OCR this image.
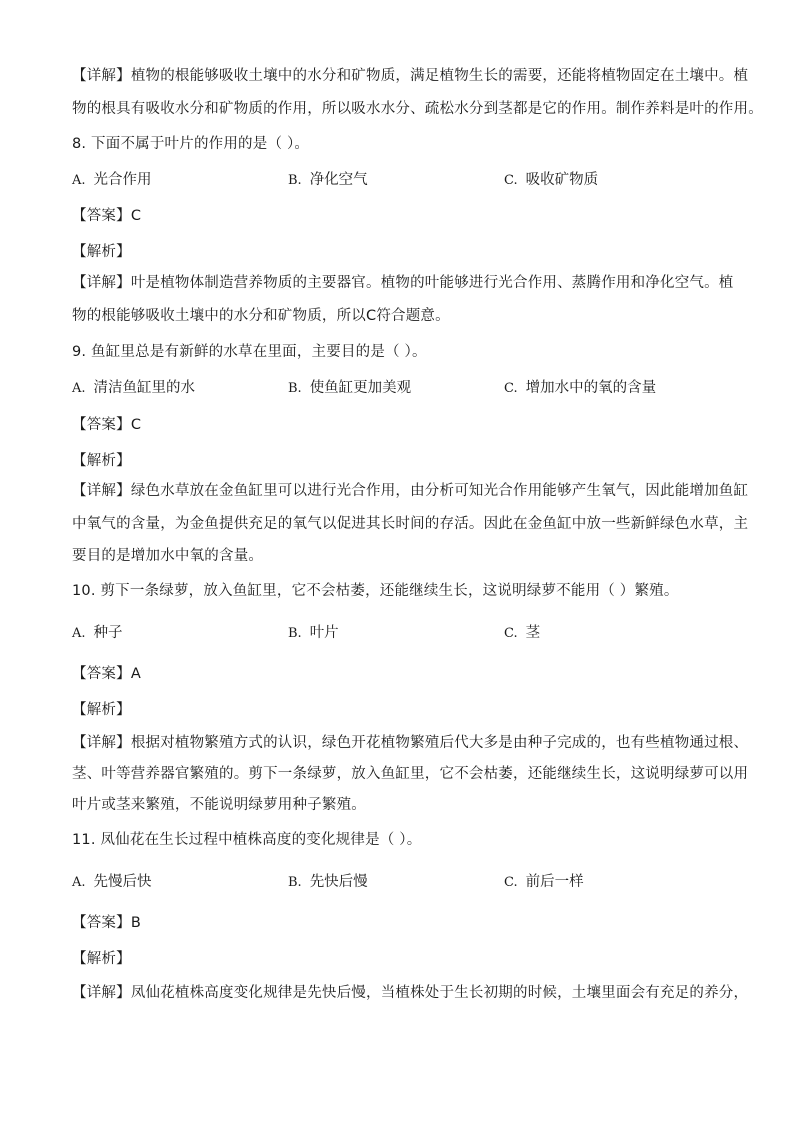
【详解】植物的根能够吸收土壤中的水分和矿物质，满足植物生长的需要，还能将植物固定在土壤中。植
物的根具有吸收水分和矿物质的作用，所以吸水水分、疏松水分到茎都是它的作用。制作养料是叶的作用。
8. 下面不属于叶片的作用的是（ ）。
A. 光合作用	B. 净化空气	C. 吸收矿物质
【答案】C
【解析】
【详解】叶是植物体制造营养物质的主要器官。植物的叶能够进行光合作用、蒸腾作用和净化空气。植
物的根能够吸收土壤中的水分和矿物质，所以C符合题意。
9. 鱼缸里总是有新鲜的水草在里面，主要目的是（ ）。
A. 清洁鱼缸里的水	B. 使鱼缸更加美观	C. 增加水中的氧的含量
【答案】C
【解析】
【详解】绿色水草放在金鱼缸里可以进行光合作用，由分析可知光合作用能够产生氧气，因此能增加鱼缸
中氧气的含量，为金鱼提供充足的氧气以促进其长时间的存活。因此在金鱼缸中放一些新鲜绿色水草，主
要目的是增加水中氧的含量。
10. 剪下一条绿萝，放入鱼缸里，它不会枯萎，还能继续生长，这说明绿萝不能用（ ）繁殖。
A. 种子	B. 叶片	C. 茎
【答案】A
【解析】
【详解】根据对植物繁殖方式的认识，绿色开花植物繁殖后代大多是由种子完成的，也有些植物通过根、
茎、叶等营养器官繁殖的。剪下一条绿萝，放入鱼缸里，它不会枯萎，还能继续生长，这说明绿萝可以用
叶片或茎来繁殖，不能说明绿萝用种子繁殖。
11. 凤仙花在生长过程中植株高度的变化规律是（ ）。
A. 先慢后快	B. 先快后慢	C. 前后一样
【答案】B
【解析】
【详解】凤仙花植株高度变化规律是先快后慢，当植株处于生长初期的时候，土壤里面会有充足的养分，
